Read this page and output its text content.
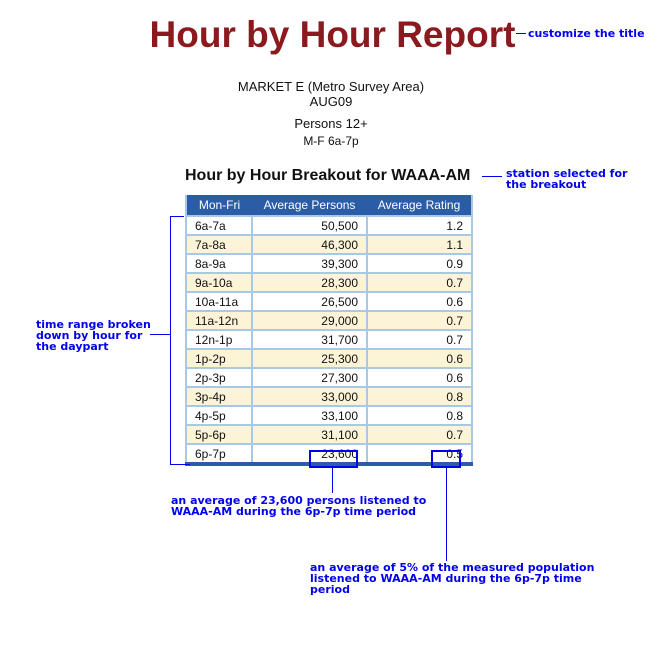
Hour by Hour Report	customize the title
MARKET E (Metro Survey Area)
AUG09
Persons 12+
M-F 6a-7p
Hour by Hour Breakout for WAAA-AM	station selected for the breakout
Mon-Fri	Average Persons	Average Rating
6a-7a	50,500	1.2
7a-8a	46,300	1.1
8a-9a	39,300	0.9
9a-10a	28,300	0.7
10a-11a	26,500	0.6
11a-12n	29,000	0.7
12n-1p	31,700	0.7
1p-2p	25,300	0.6
2p-3p	27,300	0.6
3p-4p	33,000	0.8
4p-5p	33,100	0.8
5p-6p	31,100	0.7
6p-7p	23,600	0.5
time range broken down by hour for the daypart
an average of 23,600 persons listened to WAAA-AM during the 6p-7p time period
an average of 5% of the measured population listened to WAAA-AM during the 6p-7p time period
